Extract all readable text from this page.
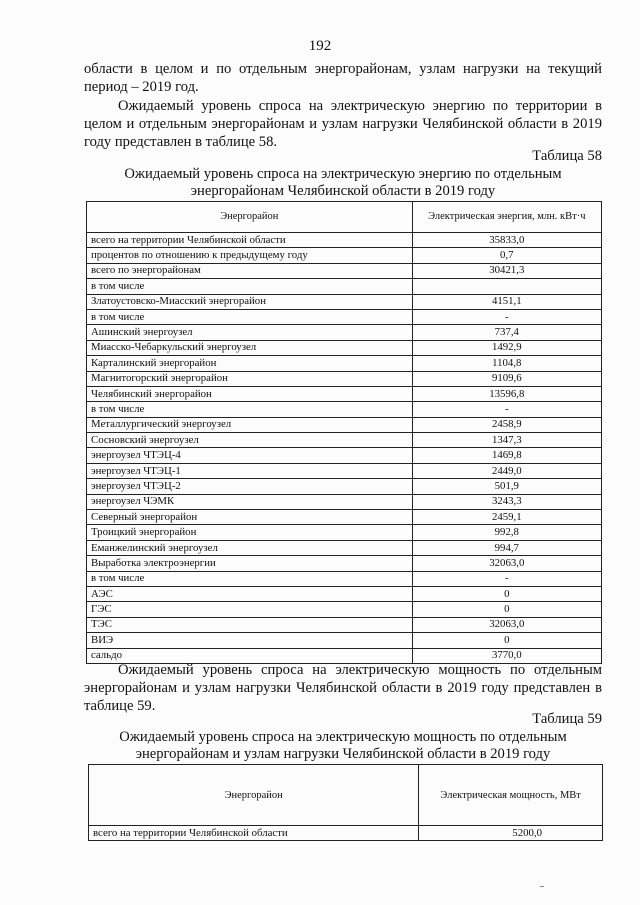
192

области в целом и по отдельным энергорайонам, узлам нагрузки на текущий период – 2019 год.

Ожидаемый уровень спроса на электрическую энергию по территории в целом и отдельным энергорайонам и узлам нагрузки Челябинской области в 2019 году представлен в таблице 58.

Таблица 58
Ожидаемый уровень спроса на электрическую энергию по отдельным энергорайонам Челябинской области в 2019 году
Энергорайон	Электрическая энергия, млн. кВт·ч
всего на территории Челябинской области	35833,0
процентов по отношению к предыдущему году	0,7
всего по энергорайонам	30421,3
в том числе	
Златоустовско-Миасский энергорайон	4151,1
в том числе	-
Ашинский энергоузел	737,4
Миасско-Чебаркульский энергоузел	1492,9
Карталинский энергорайон	1104,8
Магнитогорский энергорайон	9109,6
Челябинский энергорайон	13596,8
в том числе	-
Металлургический энергоузел	2458,9
Сосновский энергоузел	1347,3
энергоузел ЧТЭЦ-4	1469,8
энергоузел ЧТЭЦ-1	2449,0
энергоузел ЧТЭЦ-2	501,9
энергоузел ЧЭМК	3243,3
Северный энергорайон	2459,1
Троицкий энергорайон	992,8
Еманжелинский энергоузел	994,7
Выработка электроэнергии	32063,0
в том числе	-
АЭС	0
ГЭС	0
ТЭС	32063,0
ВИЭ	0
сальдо	3770,0

Ожидаемый уровень спроса на электрическую мощность по отдельным энергорайонам и узлам нагрузки Челябинской области в 2019 году представлен в таблице 59.

Таблица 59
Ожидаемый уровень спроса на электрическую мощность по отдельным энергорайонам и узлам нагрузки Челябинской области в 2019 году
Энергорайон	Электрическая мощность, МВт
всего на территории Челябинской области	5200,0
